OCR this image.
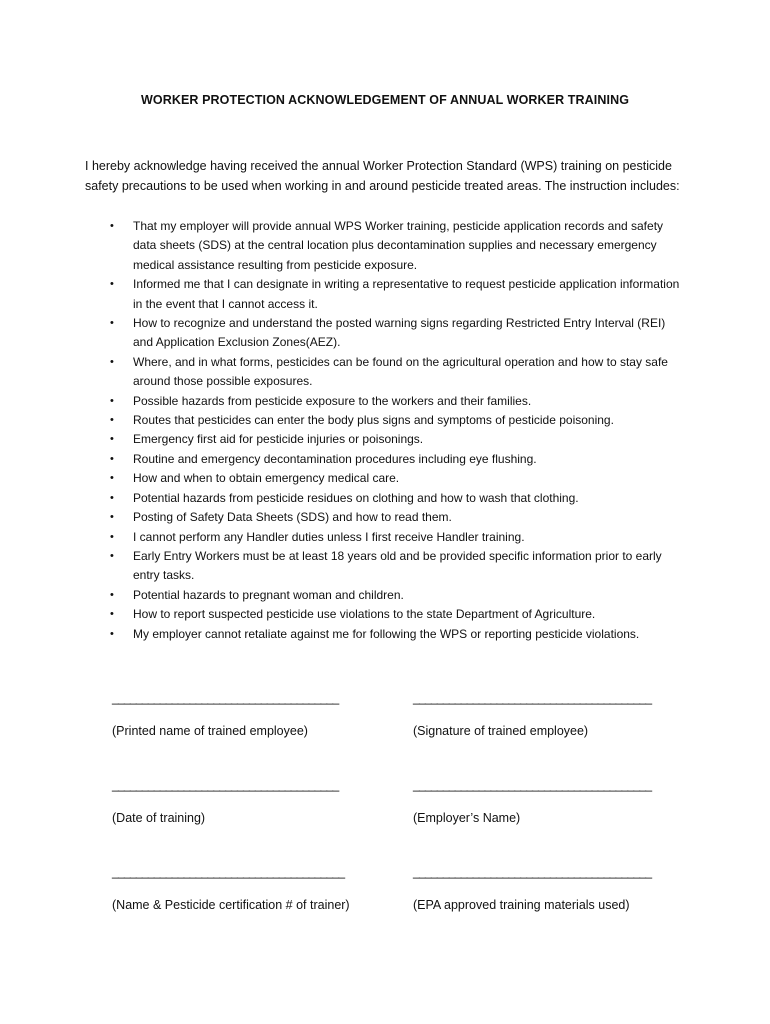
WORKER PROTECTION ACKNOWLEDGEMENT OF ANNUAL WORKER TRAINING

I hereby acknowledge having received the annual Worker Protection Standard (WPS) training on pesticide safety precautions to be used when working in and around pesticide treated areas. The instruction includes:

• That my employer will provide annual WPS Worker training, pesticide application records and safety data sheets (SDS) at the central location plus decontamination supplies and necessary emergency medical assistance resulting from pesticide exposure.
• Informed me that I can designate in writing a representative to request pesticide application information in the event that I cannot access it.
• How to recognize and understand the posted warning signs regarding Restricted Entry Interval (REI) and Application Exclusion Zones(AEZ).
• Where, and in what forms, pesticides can be found on the agricultural operation and how to stay safe around those possible exposures.
• Possible hazards from pesticide exposure to the workers and their families.
• Routes that pesticides can enter the body plus signs and symptoms of pesticide poisoning.
• Emergency first aid for pesticide injuries or poisonings.
• Routine and emergency decontamination procedures including eye flushing.
• How and when to obtain emergency medical care.
• Potential hazards from pesticide residues on clothing and how to wash that clothing.
• Posting of Safety Data Sheets (SDS) and how to read them.
• I cannot perform any Handler duties unless I first receive Handler training.
• Early Entry Workers must be at least 18 years old and be provided specific information prior to early entry tasks.
• Potential hazards to pregnant woman and children.
• How to report suspected pesticide use violations to the state Department of Agriculture.
• My employer cannot retaliate against me for following the WPS or reporting pesticide violations.
______________________________________
(Printed name of trained employee)
________________________________________
(Signature of trained employee)
______________________________________
(Date of training)
________________________________________
(Employer’s Name)
_______________________________________
(Name & Pesticide certification # of trainer)
________________________________________
(EPA approved training materials used)
